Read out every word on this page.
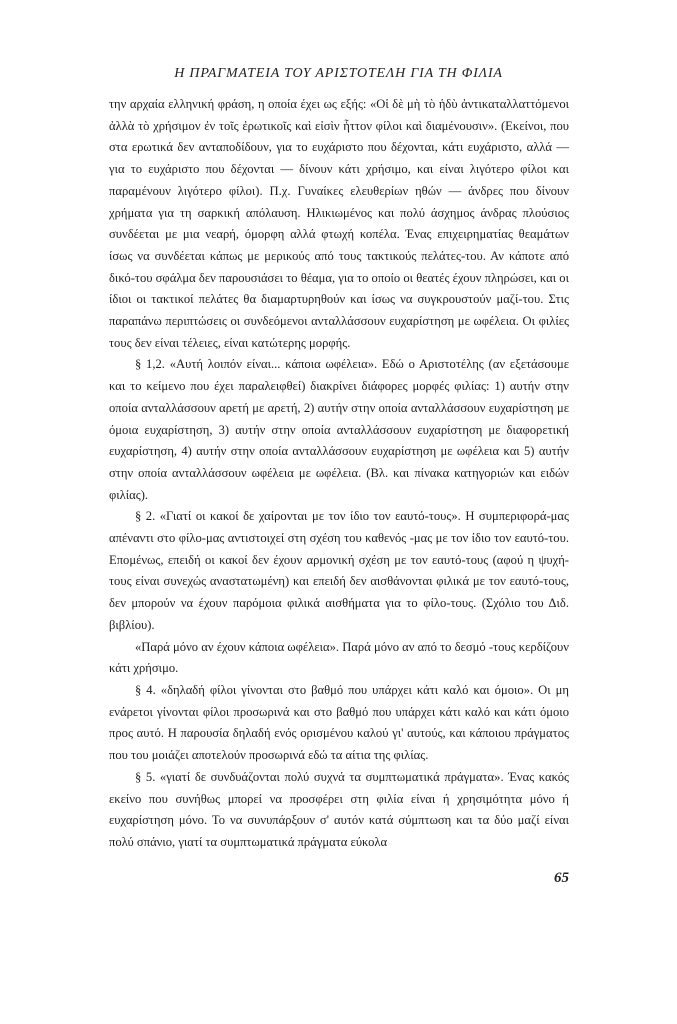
Η ΠΡΑΓΜΑΤΕΙΑ ΤΟΥ ΑΡΙΣΤΟΤΕΛΗ ΓΙΑ ΤΗ ΦΙΛΙΑ

την αρχαία ελληνική φράση, η οποία έχει ως εξής: «Οἱ δὲ μὴ τὸ ἡδὺ ἀντικαταλλαττόμενοι ἀλλὰ τὸ χρήσιμον ἐν τοῖς ἐρωτικοῖς καὶ εἰσὶν ἧττον φίλοι καὶ διαμένουσιν». (Εκείνοι, που στα ερωτικά δεν ανταποδίδουν, για το ευχάριστο που δέχονται, κάτι ευχάριστο, αλλά — για το ευχάριστο που δέχονται — δίνουν κάτι χρήσιμο, και είναι λιγότερο φίλοι και παραμένουν λιγότερο φίλοι). Π.χ. Γυναίκες ελευθερίων ηθών — άνδρες που δίνουν χρήματα για τη σαρκική απόλαυση. Ηλικιωμένος και πολύ άσχημος άνδρας πλούσιος συνδέεται με μια νεαρή, όμορφη αλλά φτωχή κοπέλα. Ένας επιχειρηματίας θεαμάτων ίσως να συνδέεται κάπως με μερικούς από τους τακτικούς πελάτες-του. Αν κάποτε από δικό-του σφάλμα δεν παρουσιάσει το θέαμα, για το οποίο οι θεατές έχουν πληρώσει, και οι ίδιοι οι τακτικοί πελάτες θα διαμαρτυρηθούν και ίσως να συγκρουστούν μαζί-του. Στις παραπάνω περιπτώσεις οι συνδεόμενοι ανταλλάσσουν ευχαρίστηση με ωφέλεια. Οι φιλίες τους δεν είναι τέλειες, είναι κατώτερης μορφής.

§ 1,2. «Αυτή λοιπόν είναι... κάποια ωφέλεια». Εδώ ο Αριστοτέλης (αν εξετάσουμε και το κείμενο που έχει παραλειφθεί) διακρίνει διάφορες μορφές φιλίας: 1) αυτήν στην οποία ανταλλάσσουν αρετή με αρετή, 2) αυτήν στην οποία ανταλλάσσουν ευχαρίστηση με όμοια ευχαρίστηση, 3) αυτήν στην οποία ανταλλάσσουν ευχαρίστηση με διαφορετική ευχαρίστηση, 4) αυτήν στην οποία ανταλλάσσουν ευχαρίστηση με ωφέλεια και 5) αυτήν στην οποία ανταλλάσσουν ωφέλεια με ωφέλεια. (Βλ. και πίνακα κατηγοριών και ειδών φιλίας).

§ 2. «Γιατί οι κακοί δε χαίρονται με τον ίδιο τον εαυτό-τους». Η συμπεριφορά-μας απέναντι στο φίλο-μας αντιστοιχεί στη σχέση του καθενός -μας με τον ίδιο τον εαυτό-του. Επομένως, επειδή οι κακοί δεν έχουν αρμονική σχέση με τον εαυτό-τους (αφού η ψυχή-τους είναι συνεχώς αναστατωμένη) και επειδή δεν αισθάνονται φιλικά με τον εαυτό-τους, δεν μπορούν να έχουν παρόμοια φιλικά αισθήματα για το φίλο-τους. (Σχόλιο του Διδ. βιβλίου).

«Παρά μόνο αν έχουν κάποια ωφέλεια». Παρά μόνο αν από το δεσμό -τους κερδίζουν κάτι χρήσιμο.

§ 4. «δηλαδή φίλοι γίνονται στο βαθμό που υπάρχει κάτι καλό και όμοιο». Οι μη ενάρετοι γίνονται φίλοι προσωρινά και στο βαθμό που υπάρχει κάτι καλό και κάτι όμοιο προς αυτό. Η παρουσία δηλαδή ενός ορισμένου καλού γι' αυτούς, και κάποιου πράγματος που του μοιάζει αποτελούν προσωρινά εδώ τα αίτια της φιλίας.

§ 5. «γιατί δε συνδυάζονται πολύ συχνά τα συμπτωματικά πράγματα». Ένας κακός εκείνο που συνήθως μπορεί να προσφέρει στη φιλία είναι ή χρησιμότητα μόνο ή ευχαρίστηση μόνο. Το να συνυπάρξουν σ' αυτόν κατά σύμπτωση και τα δύο μαζί είναι πολύ σπάνιο, γιατί τα συμπτωματικά πράγματα εύκολα

65
